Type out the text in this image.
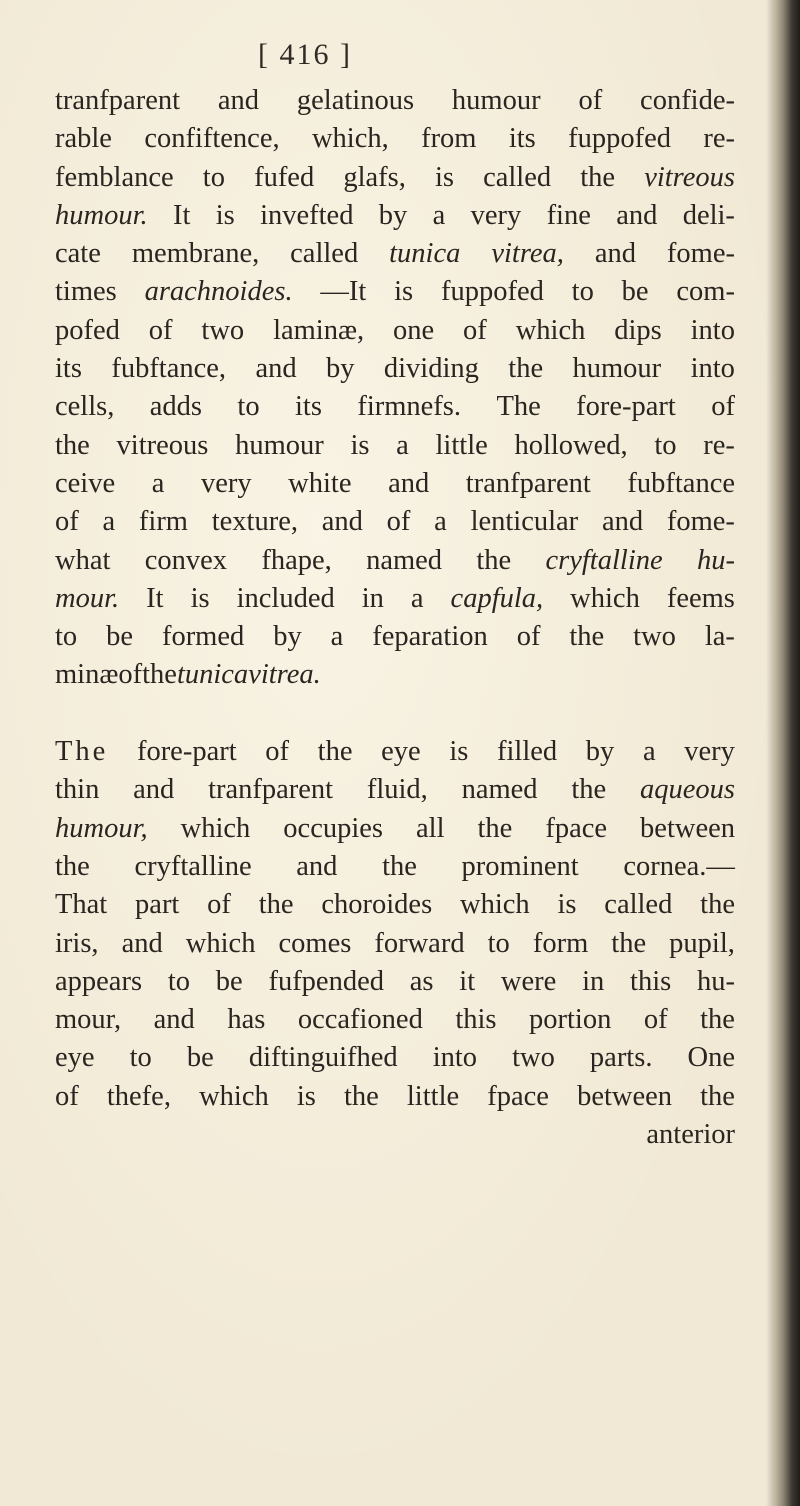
[ 416 ]
tranfparent and gelatinous humour of confide-
rable confiftence, which, from its fuppofed re-
femblance to fufed glafs, is called the vitreous
humour. It is invefted by a very fine and deli-
cate membrane, called tunica vitrea, and fome-
times arachnoides. —It is fuppofed to be com-
pofed of two laminæ, one of which dips into
its fubftance, and by dividing the humour into
cells, adds to its firmnefs. The fore-part of
the vitreous humour is a little hollowed, to re-
ceive a very white and tranfparent fubftance
of a firm texture, and of a lenticular and fome-
what convex fhape, named the cryftalline hu-
mour. It is included in a capfula, which feems
to be formed by a feparation of the two la-
minæ of the tunica vitrea.
The fore-part of the eye is filled by a very
thin and tranfparent fluid, named the aqueous
humour, which occupies all the fpace between
the cryftalline and the prominent cornea.—
That part of the choroides which is called the
iris, and which comes forward to form the pupil,
appears to be fufpended as it were in this hu-
mour, and has occafioned this portion of the
eye to be diftinguifhed into two parts. One
of thefe, which is the little fpace between the
anterior
